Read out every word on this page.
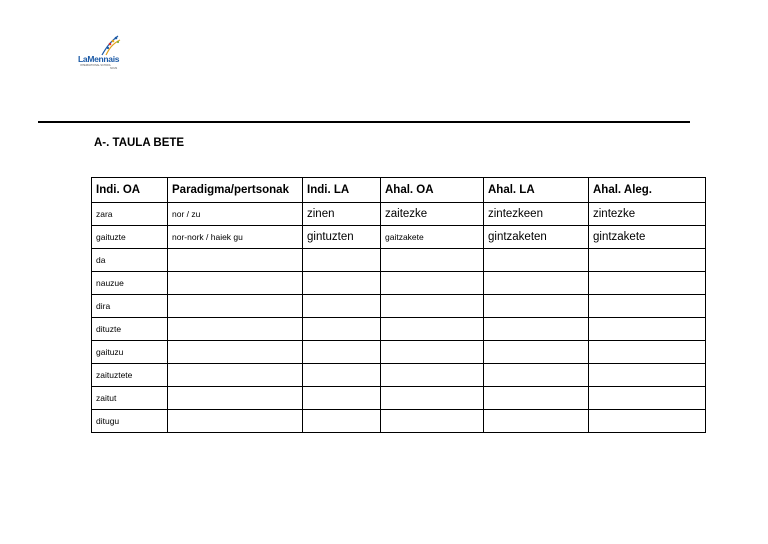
LaMennais
INTERNATIONAL SCHOOL
NOUS
A-. TAULA BETE
Indi. OA	Paradigma/pertsonak	Indi. LA	Ahal. OA	Ahal. LA	Ahal. Aleg.
zara	nor / zu	zinen	zaitezke	zintezkeen	zintezke
gaituzte	nor-nork / haiek gu	gintuzten	gaitzakete	gintzaketen	gintzakete
da					
nauzue					
dira					
dituzte					
gaituzu					
zaituztete					
zaitut					
ditugu					
